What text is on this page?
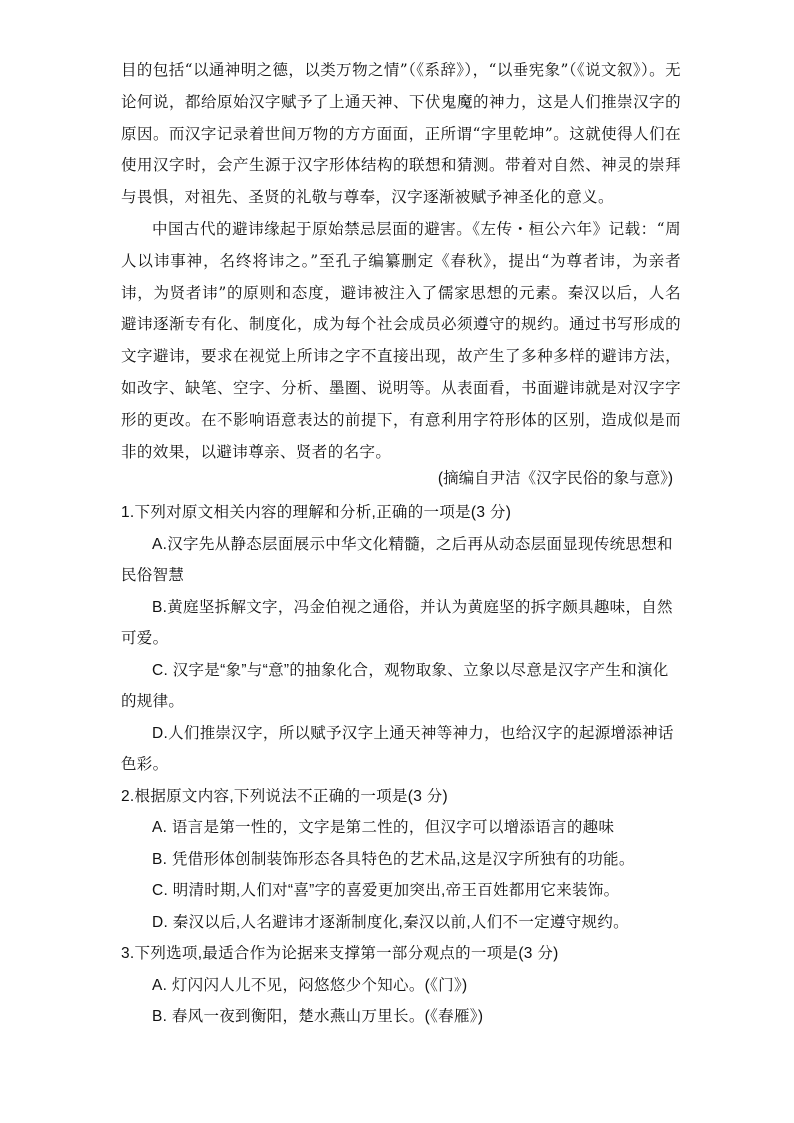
目的包括“以通神明之德，以类万物之情”（《系辞》），“以垂宪象”（《说文叙》）。无论何说，都给原始汉字赋予了上通天神、下伏鬼魔的神力，这是人们推崇汉字的原因。而汉字记录着世间万物的方方面面，正所谓“字里乾坤”。这就使得人们在使用汉字时，会产生源于汉字形体结构的联想和猜测。带着对自然、神灵的崇拜与畏惧，对祖先、圣贤的礼敬与尊奉，汉字逐渐被赋予神圣化的意义。

中国古代的避讳缘起于原始禁忌层面的避害。《左传・桓公六年》记载：“周人以讳事神，名终将讳之。”至孔子编纂删定《春秋》，提出“为尊者讳，为亲者讳，为贤者讳”的原则和态度，避讳被注入了儒家思想的元素。秦汉以后，人名避讳逐渐专有化、制度化，成为每个社会成员必须遵守的规约。通过书写形成的文字避讳，要求在视觉上所讳之字不直接出现，故产生了多种多样的避讳方法，如改字、缺笔、空字、分析、墨圈、说明等。从表面看，书面避讳就是对汉字字形的更改。在不影响语意表达的前提下，有意利用字符形体的区别，造成似是而非的效果，以避讳尊亲、贤者的名字。

(摘编自尹洁《汉字民俗的象与意》)

1.下列对原文相关内容的理解和分析,正确的一项是(3 分)

A.汉字先从静态层面展示中华文化精髓，之后再从动态层面显现传统思想和民俗智慧

B.黄庭坚拆解文字，冯金伯视之通俗，并认为黄庭坚的拆字颇具趣味，自然可爱。

C. 汉字是“象”与“意”的抽象化合，观物取象、立象以尽意是汉字产生和演化的规律。

D.人们推崇汉字，所以赋予汉字上通天神等神力，也给汉字的起源增添神话色彩。

2.根据原文内容,下列说法不正确的一项是(3 分)

A. 语言是第一性的，文字是第二性的，但汉字可以增添语言的趣味

B. 凭借形体创制装饰形态各具特色的艺术品,这是汉字所独有的功能。

C. 明清时期,人们对“喜”字的喜爱更加突出,帝王百姓都用它来装饰。

D. 秦汉以后,人名避讳才逐渐制度化,秦汉以前,人们不一定遵守规约。

3.下列选项,最适合作为论据来支撑第一部分观点的一项是(3 分)

A. 灯闪闪人儿不见，闷悠悠少个知心。(《门》)

B. 春风一夜到衡阳，楚水燕山万里长。(《春雁》)
